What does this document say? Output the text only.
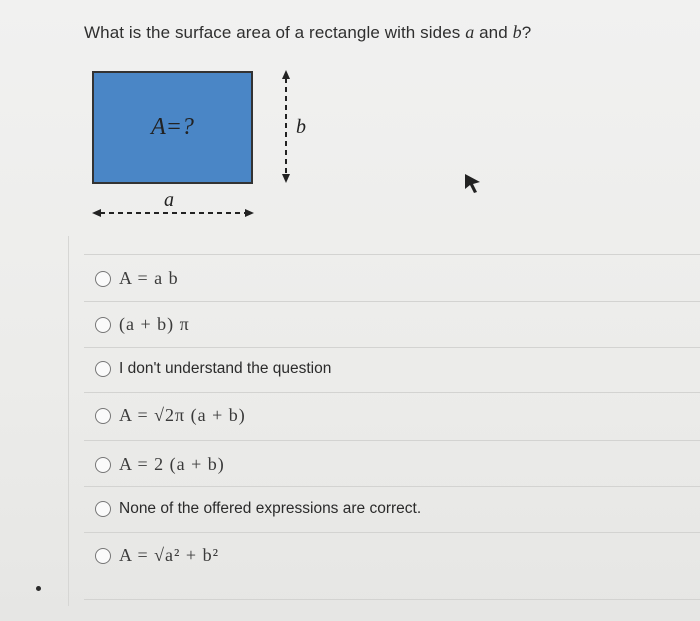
What is the surface area of a rectangle with sides a and b?
A=?	b
a
A = a b
(a + b) π
I don't understand the question
A = √2π (a + b)
A = 2 (a + b)
None of the offered expressions are correct.
A = √a² + b²
